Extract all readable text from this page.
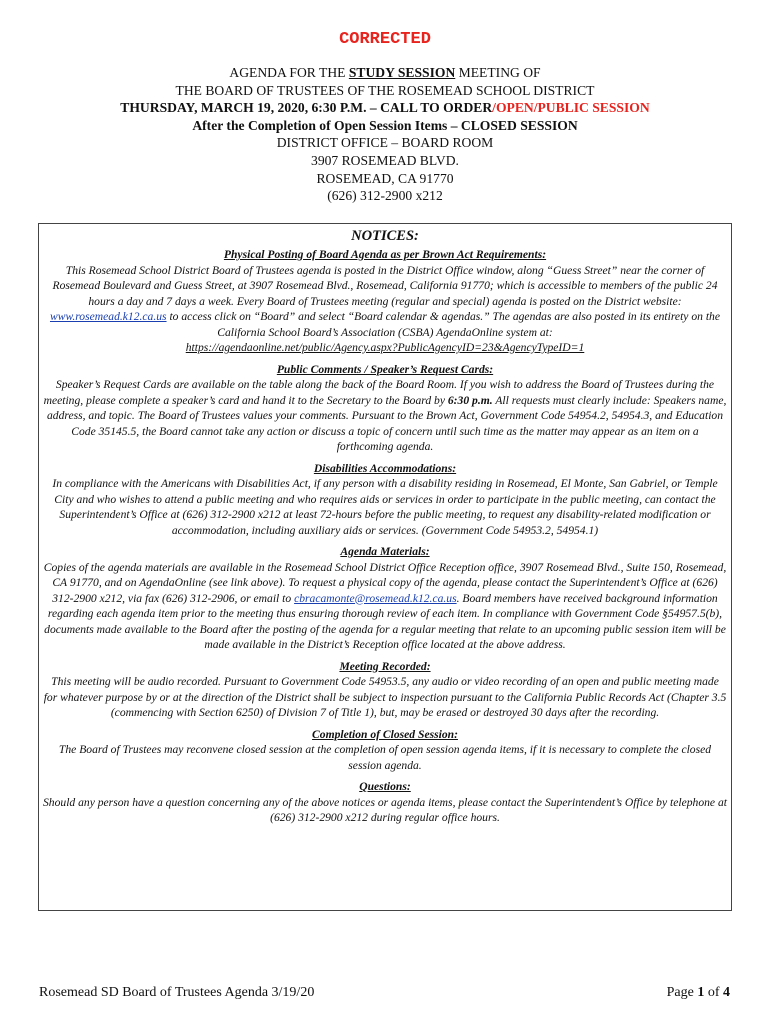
CORRECTED
AGENDA FOR THE STUDY SESSION MEETING OF
THE BOARD OF TRUSTEES OF THE ROSEMEAD SCHOOL DISTRICT
THURSDAY, MARCH 19, 2020, 6:30 P.M. – CALL TO ORDER/OPEN/PUBLIC SESSION
After the Completion of Open Session Items – CLOSED SESSION
DISTRICT OFFICE – BOARD ROOM
3907 ROSEMEAD BLVD.
ROSEMEAD, CA 91770
(626) 312-2900 x212
NOTICES:
Physical Posting of Board Agenda as per Brown Act Requirements:
This Rosemead School District Board of Trustees agenda is posted in the District Office window, along “Guess Street” near the corner of Rosemead Boulevard and Guess Street, at 3907 Rosemead Blvd., Rosemead, California 91770; which is accessible to members of the public 24 hours a day and 7 days a week. Every Board of Trustees meeting (regular and special) agenda is posted on the District website: www.rosemead.k12.ca.us to access click on “Board” and select “Board calendar & agendas.” The agendas are also posted in its entirety on the California School Board’s Association (CSBA) AgendaOnline system at:
https://agendaonline.net/public/Agency.aspx?PublicAgencyID=23&AgencyTypeID=1
Public Comments / Speaker’s Request Cards:
Speaker’s Request Cards are available on the table along the back of the Board Room. If you wish to address the Board of Trustees during the meeting, please complete a speaker’s card and hand it to the Secretary to the Board by 6:30 p.m. All requests must clearly include: Speakers name, address, and topic. The Board of Trustees values your comments. Pursuant to the Brown Act, Government Code 54954.2, 54954.3, and Education Code 35145.5, the Board cannot take any action or discuss a topic of concern until such time as the matter may appear as an item on a forthcoming agenda.
Disabilities Accommodations:
In compliance with the Americans with Disabilities Act, if any person with a disability residing in Rosemead, El Monte, San Gabriel, or Temple City and who wishes to attend a public meeting and who requires aids or services in order to participate in the public meeting, can contact the Superintendent’s Office at (626) 312-2900 x212 at least 72-hours before the public meeting, to request any disability-related modification or accommodation, including auxiliary aids or services. (Government Code 54953.2, 54954.1)
Agenda Materials:
Copies of the agenda materials are available in the Rosemead School District Office Reception office, 3907 Rosemead Blvd., Suite 150, Rosemead, CA 91770, and on AgendaOnline (see link above). To request a physical copy of the agenda, please contact the Superintendent’s Office at (626) 312-2900 x212, via fax (626) 312-2906, or email to cbracamonte@rosemead.k12.ca.us. Board members have received background information regarding each agenda item prior to the meeting thus ensuring thorough review of each item. In compliance with Government Code §54957.5(b), documents made available to the Board after the posting of the agenda for a regular meeting that relate to an upcoming public session item will be made available in the District’s Reception office located at the above address.
Meeting Recorded:
This meeting will be audio recorded. Pursuant to Government Code 54953.5, any audio or video recording of an open and public meeting made for whatever purpose by or at the direction of the District shall be subject to inspection pursuant to the California Public Records Act (Chapter 3.5 (commencing with Section 6250) of Division 7 of Title 1), but, may be erased or destroyed 30 days after the recording.
Completion of Closed Session:
The Board of Trustees may reconvene closed session at the completion of open session agenda items, if it is necessary to complete the closed session agenda.
Questions:
Should any person have a question concerning any of the above notices or agenda items, please contact the Superintendent’s Office by telephone at (626) 312-2900 x212 during regular office hours.
Rosemead SD Board of Trustees Agenda 3/19/20	Page 1 of 4
